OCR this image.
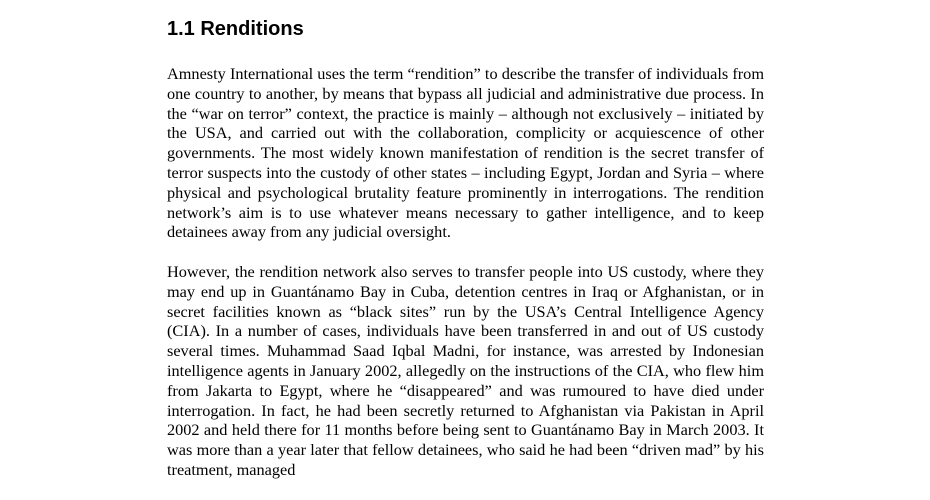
1.1 Renditions

Amnesty International uses the term “rendition” to describe the transfer of individuals from one country to another, by means that bypass all judicial and administrative due process. In the “war on terror” context, the practice is mainly – although not exclusively – initiated by the USA, and carried out with the collaboration, complicity or acquiescence of other governments. The most widely known manifestation of rendition is the secret transfer of terror suspects into the custody of other states – including Egypt, Jordan and Syria – where physical and psychological brutality feature prominently in interrogations. The rendition network’s aim is to use whatever means necessary to gather intelligence, and to keep detainees away from any judicial oversight.

However, the rendition network also serves to transfer people into US custody, where they may end up in Guantánamo Bay in Cuba, detention centres in Iraq or Afghanistan, or in secret facilities known as “black sites” run by the USA’s Central Intelligence Agency (CIA). In a number of cases, individuals have been transferred in and out of US custody several times. Muhammad Saad Iqbal Madni, for instance, was arrested by Indonesian intelligence agents in January 2002, allegedly on the instructions of the CIA, who flew him from Jakarta to Egypt, where he “disappeared” and was rumoured to have died under interrogation. In fact, he had been secretly returned to Afghanistan via Pakistan in April 2002 and held there for 11 months before being sent to Guantánamo Bay in March 2003. It was more than a year later that fellow detainees, who said he had been “driven mad” by his treatment, managed
